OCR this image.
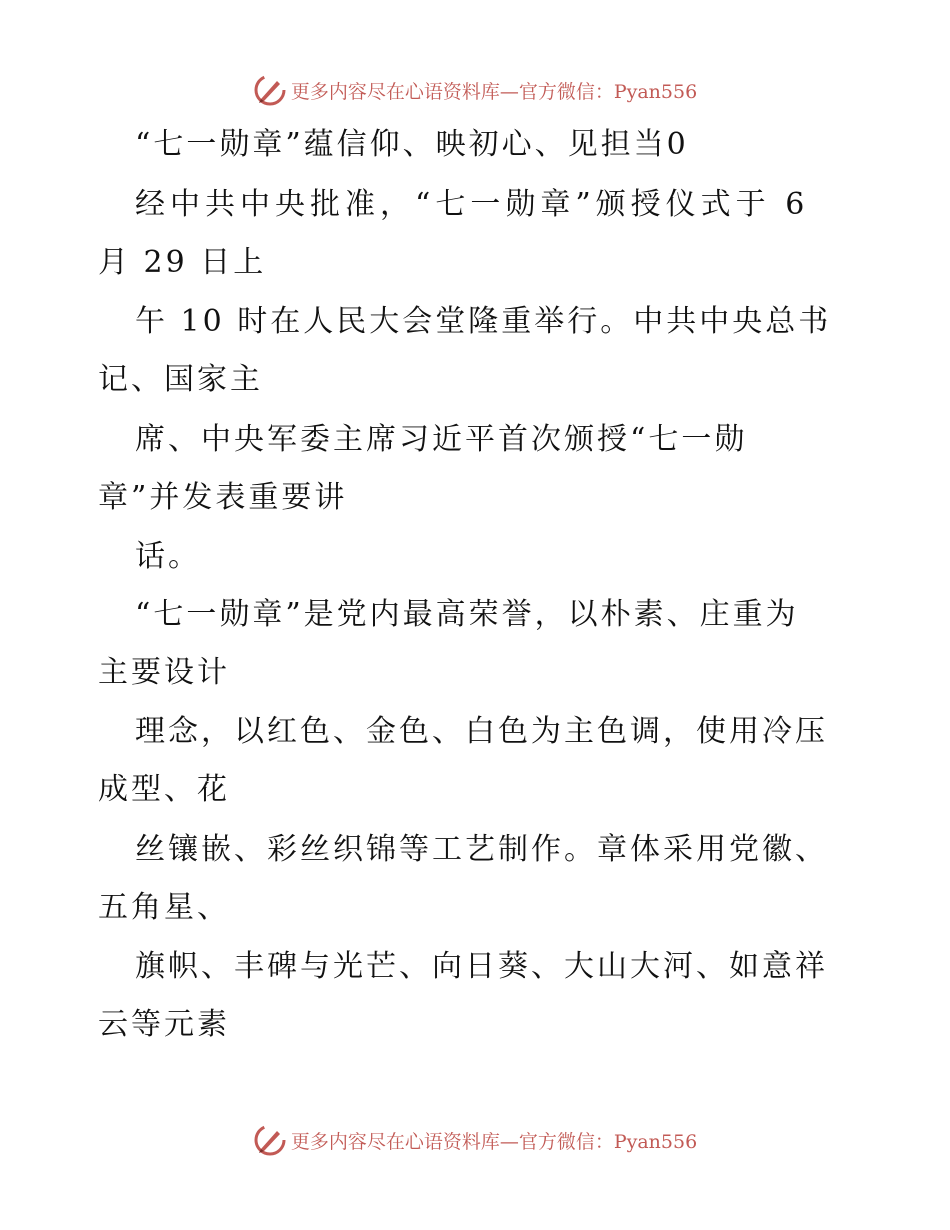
更多内容尽在心语资料库—官方微信：Pyan556
“七一勋章”蕴信仰、映初心、见担当0
经中共中央批准，“七一勋章”颁授仪式于 6
月 29 日上
午 10 时在人民大会堂隆重举行。中共中央总书
记、国家主
席、中央军委主席习近平首次颁授“七一勋
章”并发表重要讲
话。
“七一勋章”是党内最高荣誉，以朴素、庄重为
主要设计
理念，以红色、金色、白色为主色调，使用冷压
成型、花
丝镶嵌、彩丝织锦等工艺制作。章体采用党徽、
五角星、
旗帜、丰碑与光芒、向日葵、大山大河、如意祥
云等元素
更多内容尽在心语资料库—官方微信：Pyan556
